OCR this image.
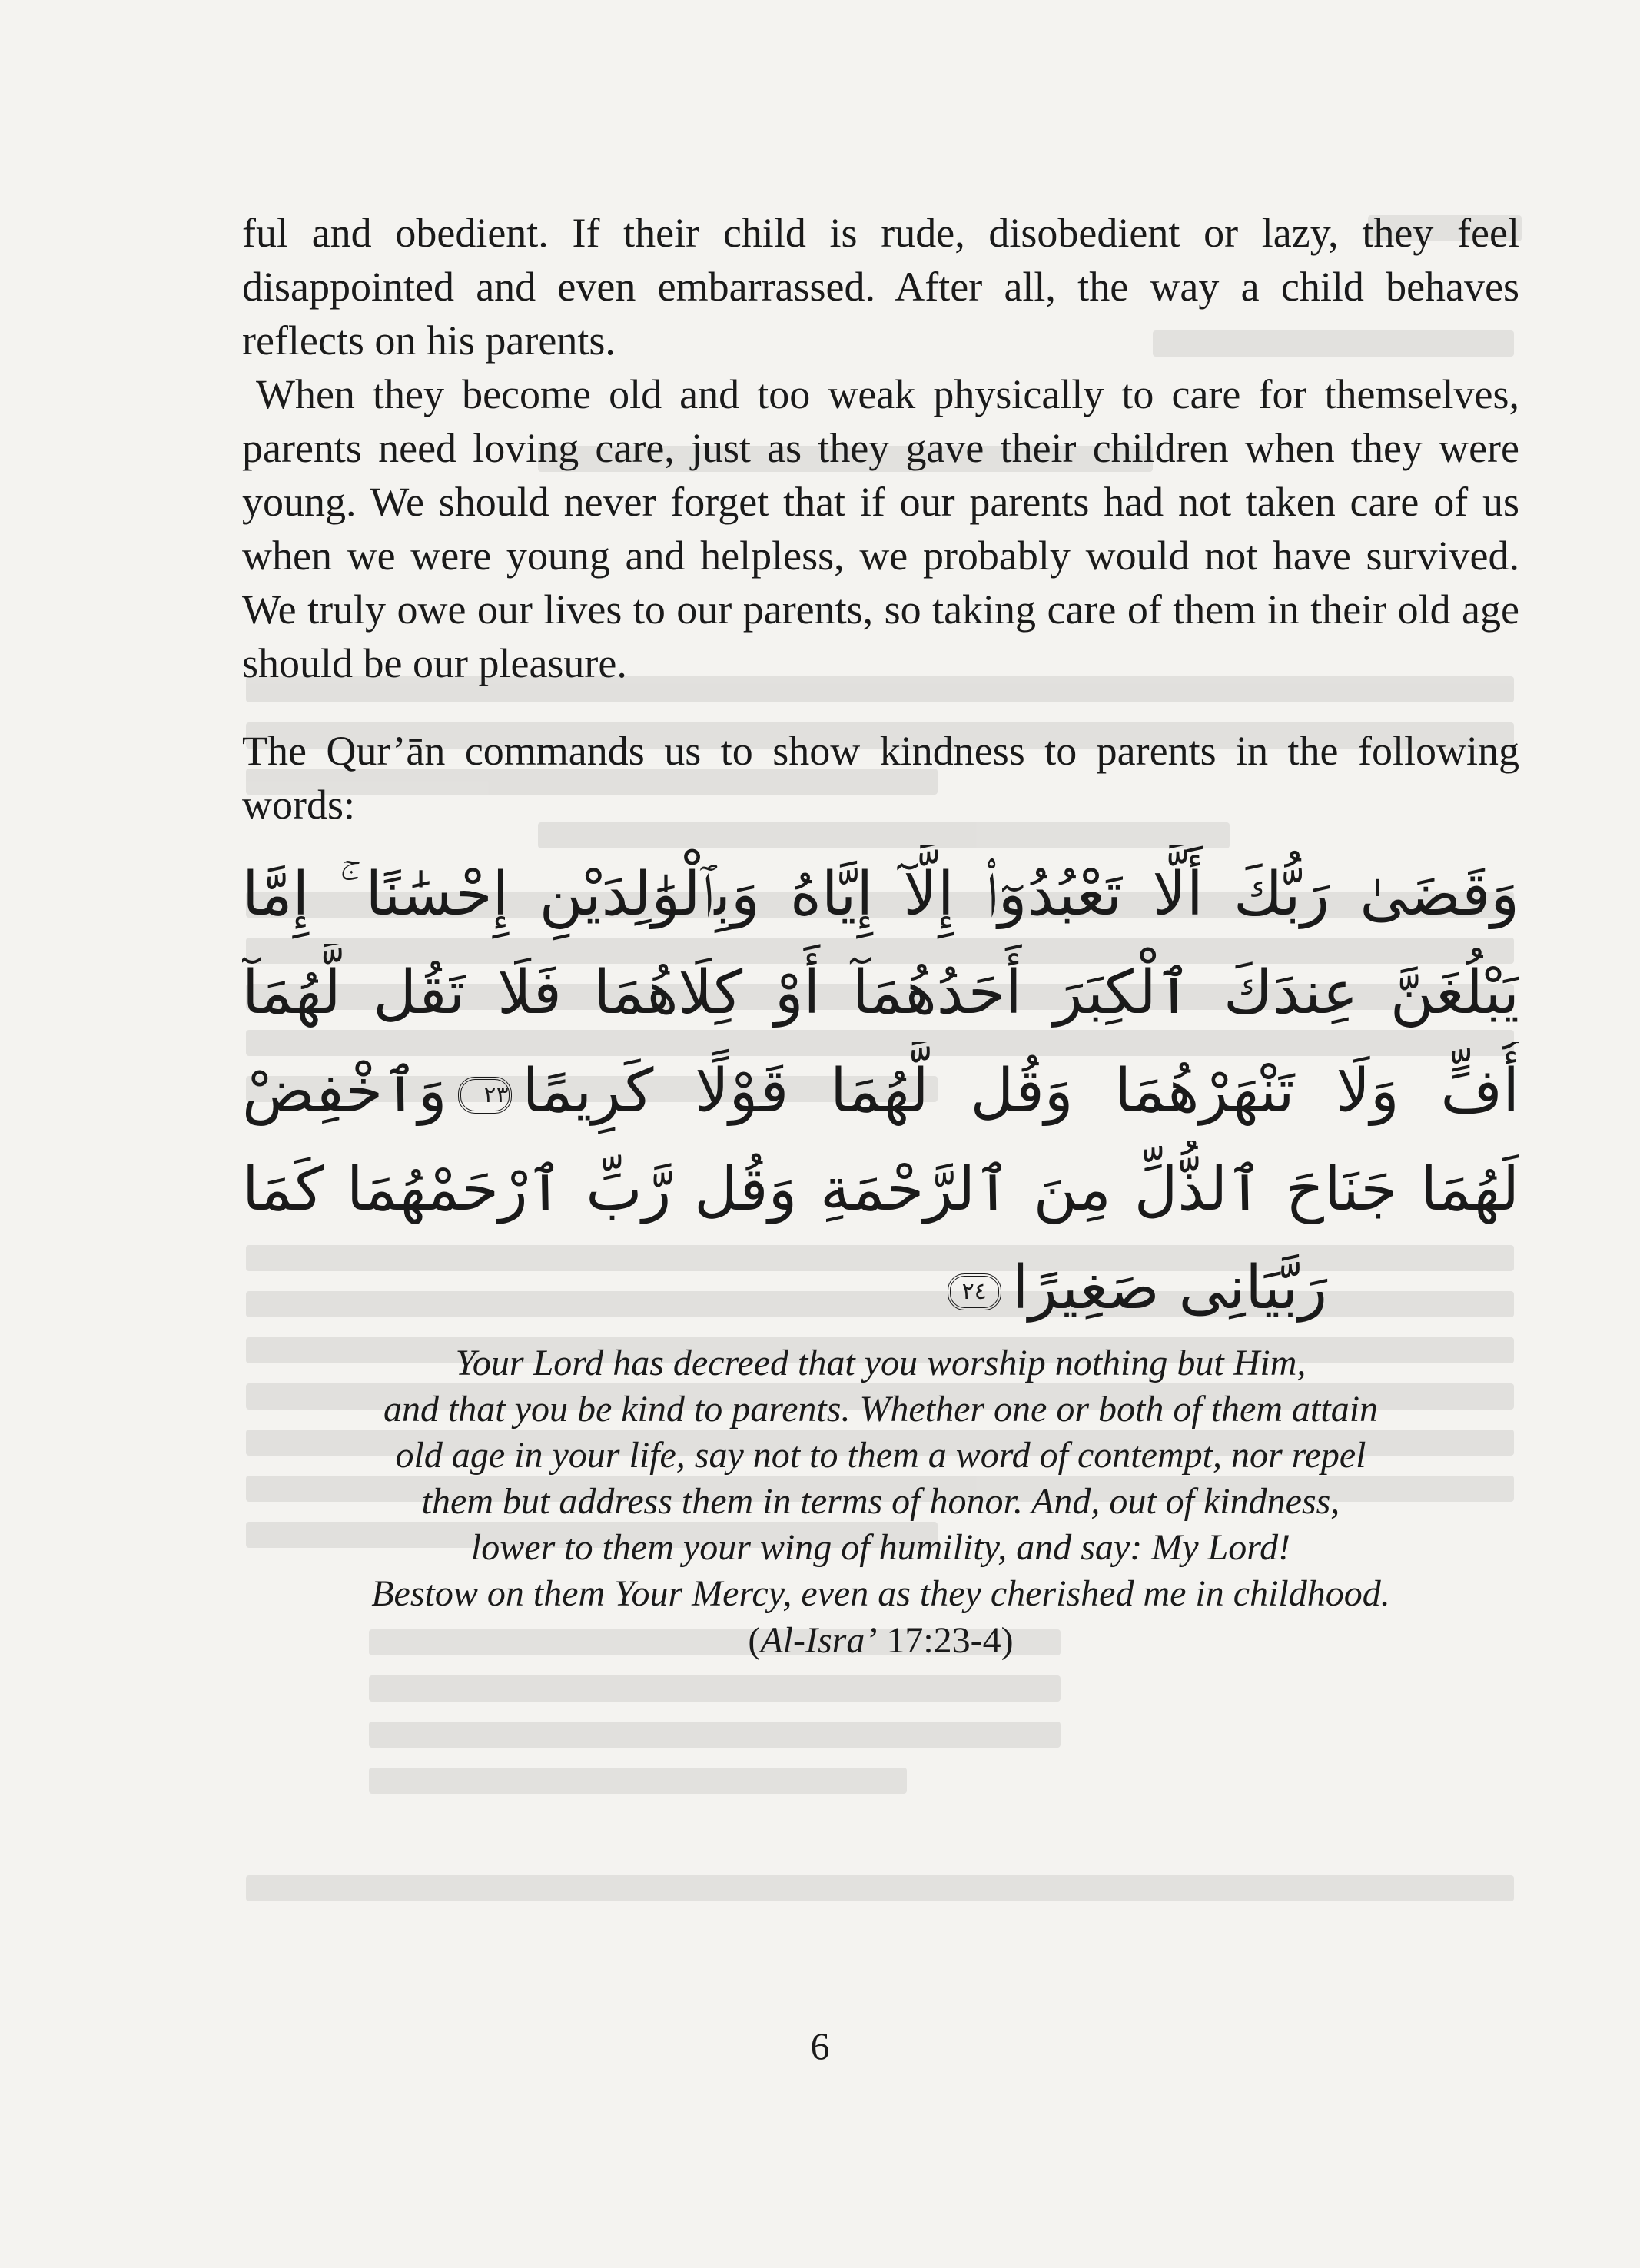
ful and obedient. If their child is rude, disobedient or lazy, they feel disappointed and even embarrassed. After all, the way a child behaves reflects on his parents.

When they become old and too weak physically to care for themselves, parents need loving care, just as they gave their children when they were young. We should never forget that if our parents had not taken care of us when we were young and helpless, we probably would not have survived. We truly owe our lives to our parents, so taking care of them in their old age should be our pleasure.

The Qur’ān commands us to show kindness to parents in the following words:

وَقَضَىٰ رَبُّكَ أَلَّا تَعْبُدُوٓا۟ إِلَّآ إِيَّاهُ وَبِٱلْوَٰلِدَيْنِ إِحْسَٰنًا ۚ إِمَّا
يَبْلُغَنَّ عِندَكَ ٱلْكِبَرَ أَحَدُهُمَآ أَوْ كِلَاهُمَا فَلَا تَقُل لَّهُمَآ
أُفٍّ وَلَا تَنْهَرْهُمَا وَقُل لَّهُمَا قَوْلًا كَرِيمًا٢٣وَٱخْفِضْ
لَهُمَا جَنَاحَ ٱلذُّلِّ مِنَ ٱلرَّحْمَةِ وَقُل رَّبِّ ٱرْحَمْهُمَا كَمَا
رَبَّيَانِى صَغِيرًا٢٤
Your Lord has decreed that you worship nothing but Him,
and that you be kind to parents. Whether one or both of them attain
old age in your life, say not to them a word of contempt, nor repel
them but address them in terms of honor. And, out of kindness,
lower to them your wing of humility, and say: My Lord!
Bestow on them Your Mercy, even as they cherished me in childhood.
(Al-Isra’ 17:23-4)
6
